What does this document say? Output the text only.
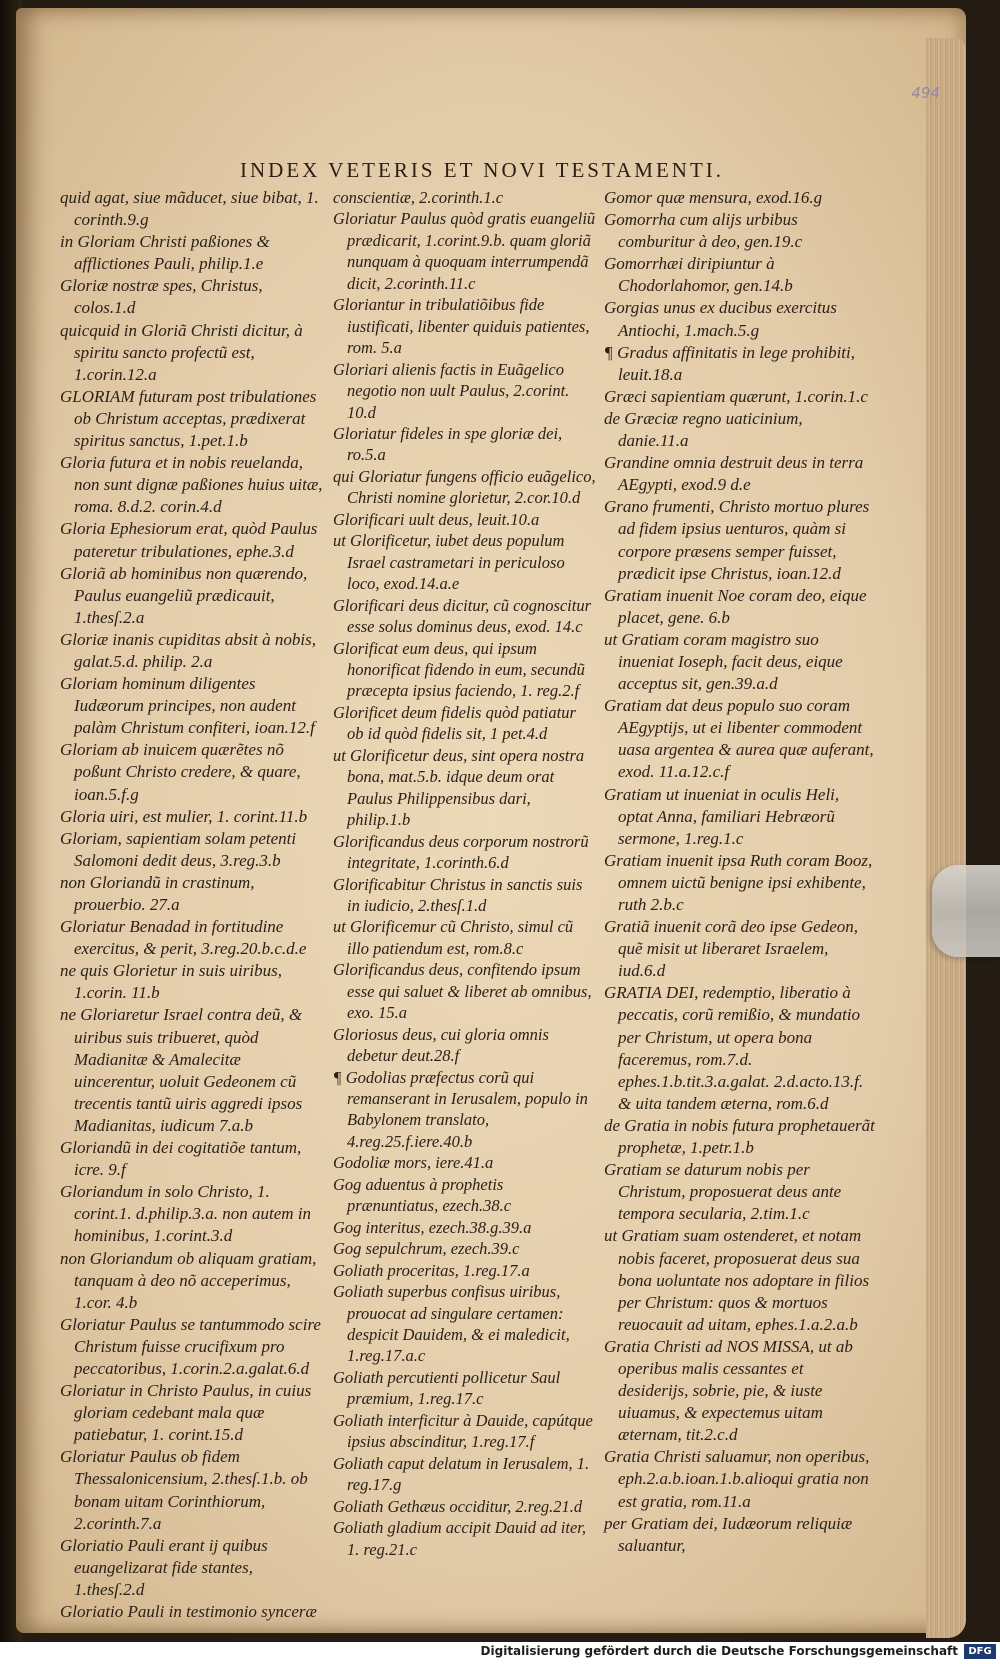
494
INDEX VETERIS ET NOVI TESTAMENTI.

quid agat, siue mãducet, siue bibat, 1. corinth.9.g

in Gloriam Christi paßiones & afflictiones Pauli, philip.1.e

Gloriæ nostræ spes, Christus, colos.1.d

quicquid in Gloriã Christi dicitur, à spiritu sancto profectũ est, 1.corin.12.a

GLORIAM futuram post tribulationes ob Christum acceptas, prædixerat spiritus sanctus, 1.pet.1.b

Gloria futura et in nobis reuelanda, non sunt dignæ paßiones huius uitæ, roma. 8.d.2. corin.4.d

Gloria Ephesiorum erat, quòd Paulus pateretur tribulationes, ephe.3.d

Gloriã ab hominibus non quærendo, Paulus euangeliũ prædicauit, 1.thesſ.2.a

Gloriæ inanis cupiditas absit à nobis, galat.5.d. philip. 2.a

Gloriam hominum diligentes Iudæorum principes, non audent palàm Christum confiteri, ioan.12.f

Gloriam ab inuicem quærẽtes nõ poßunt Christo credere, & quare, ioan.5.f.g

Gloria uiri, est mulier, 1. corint.11.b

Gloriam, sapientiam solam petenti Salomoni dedit deus, 3.reg.3.b

non Gloriandũ in crastinum, prouerbio. 27.a

Gloriatur Benadad in fortitudine exercitus, & perit, 3.reg.20.b.c.d.e

ne quis Glorietur in suis uiribus, 1.corin. 11.b

ne Gloriaretur Israel contra deũ, & uiribus suis tribueret, quòd Madianitæ & Amalecitæ uincerentur, uoluit Gedeonem cũ trecentis tantũ uiris aggredi ipsos Madianitas, iudicum 7.a.b

Gloriandũ in dei cogitatiõe tantum, icre. 9.f

Gloriandum in solo Christo, 1. corint.1. d.philip.3.a. non autem in hominibus, 1.corint.3.d

non Gloriandum ob aliquam gratiam, tanquam à deo nõ acceperimus, 1.cor. 4.b

Gloriatur Paulus se tantummodo scire Christum fuisse crucifixum pro peccatoribus, 1.corin.2.a.galat.6.d

Gloriatur in Christo Paulus, in cuius gloriam cedebant mala quæ patiebatur, 1. corint.15.d

Gloriatur Paulus ob fidem Thessalonicensium, 2.thesſ.1.b. ob bonam uitam Corinthiorum, 2.corinth.7.a

Gloriatio Pauli erant ij quibus euangelizarat fide stantes, 1.thesſ.2.d

Gloriatio Pauli in testimonio synceræ

conscientiæ, 2.corinth.1.c

Gloriatur Paulus quòd gratis euangeliũ prædicarit, 1.corint.9.b. quam gloriã nunquam à quoquam interrumpendã dicit, 2.corinth.11.c

Gloriantur in tribulatiõibus fide iustificati, libenter quiduis patientes, rom. 5.a

Gloriari alienis factis in Euãgelico negotio non uult Paulus, 2.corint. 10.d

Gloriatur fideles in spe gloriæ dei, ro.5.a

qui Gloriatur fungens officio euãgelico, Christi nomine glorietur, 2.cor.10.d

Glorificari uult deus, leuit.10.a

ut Glorificetur, iubet deus populum Israel castrametari in periculoso loco, exod.14.a.e

Glorificari deus dicitur, cũ cognoscitur esse solus dominus deus, exod. 14.c

Glorificat eum deus, qui ipsum honorificat fidendo in eum, secundũ præcepta ipsius faciendo, 1. reg.2.f

Glorificet deum fidelis quòd patiatur ob id quòd fidelis sit, 1 pet.4.d

ut Glorificetur deus, sint opera nostra bona, mat.5.b. idque deum orat Paulus Philippensibus dari, philip.1.b

Glorificandus deus corporum nostrorũ integritate, 1.corinth.6.d

Glorificabitur Christus in sanctis suis in iudicio, 2.thesſ.1.d

ut Glorificemur cũ Christo, simul cũ illo patiendum est, rom.8.c

Glorificandus deus, confitendo ipsum esse qui saluet & liberet ab omnibus, exo. 15.a

Gloriosus deus, cui gloria omnis debetur deut.28.f

¶ Godolias præfectus corũ qui remanserant in Ierusalem, populo in Babylonem translato, 4.reg.25.f.iere.40.b

Godoliæ mors, iere.41.a

Gog aduentus à prophetis prænuntiatus, ezech.38.c

Gog interitus, ezech.38.g.39.a

Gog sepulchrum, ezech.39.c

Goliath proceritas, 1.reg.17.a

Goliath superbus confisus uiribus, prouocat ad singulare certamen: despicit Dauidem, & ei maledicit, 1.reg.17.a.c

Goliath percutienti pollicetur Saul præmium, 1.reg.17.c

Goliath interficitur à Dauide, capútque ipsius abscinditur, 1.reg.17.f

Goliath caput delatum in Ierusalem, 1. reg.17.g

Goliath Gethæus occiditur, 2.reg.21.d

Goliath gladium accipit Dauid ad iter, 1. reg.21.c

Gomor quæ mensura, exod.16.g

Gomorrha cum alijs urbibus comburitur à deo, gen.19.c

Gomorrhæi diripiuntur à Chodorlahomor, gen.14.b

Gorgias unus ex ducibus exercitus Antiochi, 1.mach.5.g

¶ Gradus affinitatis in lege prohibiti, leuit.18.a

Græci sapientiam quærunt, 1.corin.1.c

de Græciæ regno uaticinium, danie.11.a

Grandine omnia destruit deus in terra AEgypti, exod.9 d.e

Grano frumenti, Christo mortuo plures ad fidem ipsius uenturos, quàm si corpore præsens semper fuisset, prædicit ipse Christus, ioan.12.d

Gratiam inuenit Noe coram deo, eique placet, gene. 6.b

ut Gratiam coram magistro suo inueniat Ioseph, facit deus, eique acceptus sit, gen.39.a.d

Gratiam dat deus populo suo coram AEgyptijs, ut ei libenter commodent uasa argentea & aurea quæ auferant, exod. 11.a.12.c.f

Gratiam ut inueniat in oculis Heli, optat Anna, familiari Hebræorũ sermone, 1.reg.1.c

Gratiam inuenit ipsa Ruth coram Booz, omnem uictũ benigne ipsi exhibente, ruth 2.b.c

Gratiã inuenit corã deo ipse Gedeon, quẽ misit ut liberaret Israelem, iud.6.d

GRATIA DEI, redemptio, liberatio à peccatis, corũ remißio, & mundatio per Christum, ut opera bona faceremus, rom.7.d. ephes.1.b.tit.3.a.galat. 2.d.acto.13.f. & uita tandem æterna, rom.6.d

de Gratia in nobis futura prophetauerãt prophetæ, 1.petr.1.b

Gratiam se daturum nobis per Christum, proposuerat deus ante tempora secularia, 2.tim.1.c

ut Gratiam suam ostenderet, et notam nobis faceret, proposuerat deus sua bona uoluntate nos adoptare in filios per Christum: quos & mortuos reuocauit ad uitam, ephes.1.a.2.a.b

Gratia Christi ad NOS MISSA, ut ab operibus malis cessantes et desiderijs, sobrie, pie, & iuste uiuamus, & expectemus uitam æternam, tit.2.c.d

Gratia Christi saluamur, non operibus, eph.2.a.b.ioan.1.b.alioqui gratia non est gratia, rom.11.a

per Gratiam dei, Iudæorum reliquiæ saluantur,

Digitalisierung gefördert durch die Deutsche Forschungsgemeinschaft	DFG
